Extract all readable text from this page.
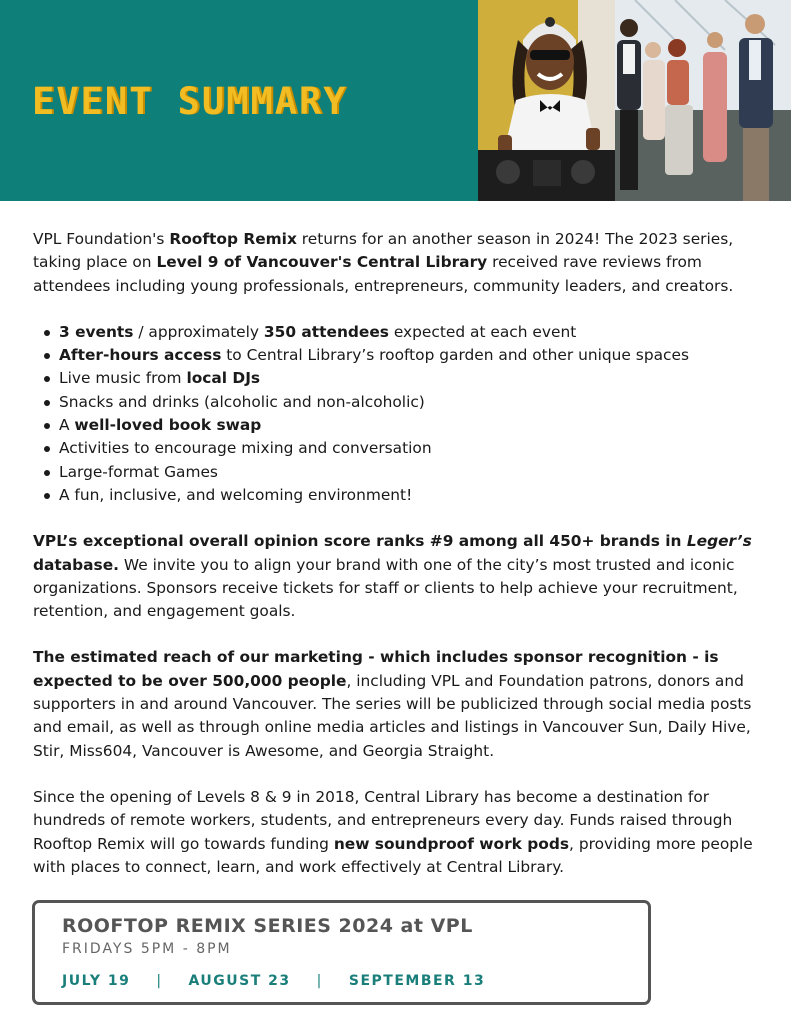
EVENT SUMMARY

VPL Foundation's Rooftop Remix returns for an another season in 2024! The 2023 series, taking place on Level 9 of Vancouver's Central Library received rave reviews from attendees including young professionals, entrepreneurs, community leaders, and creators.

3 events / approximately 350 attendees expected at each event
After-hours access to Central Library’s rooftop garden and other unique spaces
Live music from local DJs
Snacks and drinks (alcoholic and non-alcoholic)
A well-loved book swap
Activities to encourage mixing and conversation
Large-format Games
A fun, inclusive, and welcoming environment!

VPL’s exceptional overall opinion score ranks #9 among all 450+ brands in Leger’s database. We invite you to align your brand with one of the city’s most trusted and iconic organizations. Sponsors receive tickets for staff or clients to help achieve your recruitment, retention, and engagement goals.

The estimated reach of our marketing - which includes sponsor recognition - is expected to be over 500,000 people, including VPL and Foundation patrons, donors and supporters in and around Vancouver. The series will be publicized through social media posts and email, as well as through online media articles and listings in Vancouver Sun, Daily Hive, Stir, Miss604, Vancouver is Awesome, and Georgia Straight.

Since the opening of Levels 8 & 9 in 2018, Central Library has become a destination for hundreds of remote workers, students, and entrepreneurs every day. Funds raised through Rooftop Remix will go towards funding new soundproof work pods, providing more people with places to connect, learn, and work effectively at Central Library.

ROOFTOP REMIX SERIES 2024 at VPL
FRIDAYS 5PM - 8PM
JULY 19 | AUGUST 23 | SEPTEMBER 13
